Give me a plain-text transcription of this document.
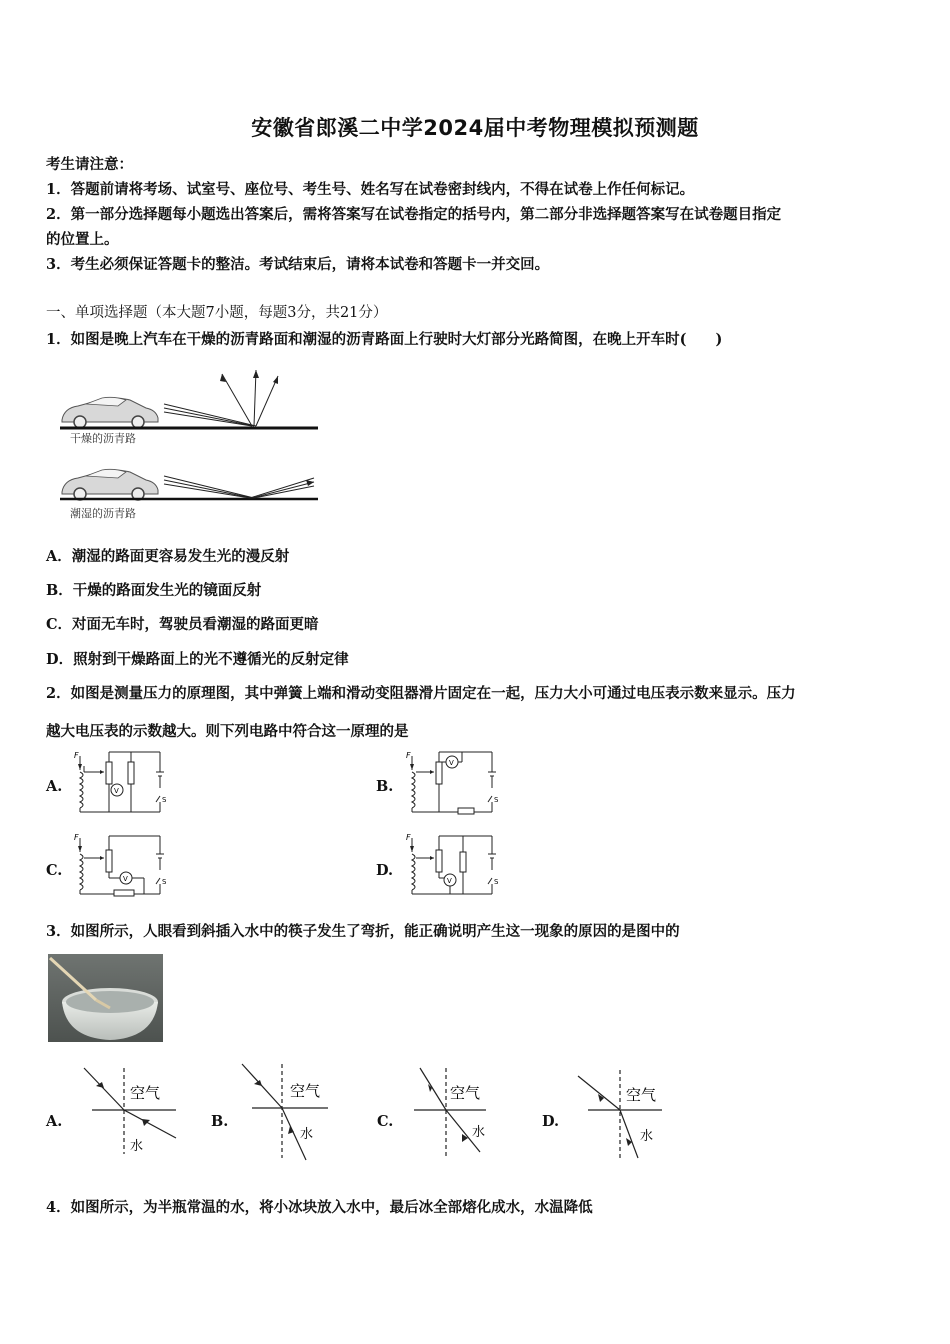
安徽省郎溪二中学2024届中考物理模拟预测题
考生请注意：
1．答题前请将考场、试室号、座位号、考生号、姓名写在试卷密封线内，不得在试卷上作任何标记。
2．第一部分选择题每小题选出答案后，需将答案写在试卷指定的括号内，第二部分非选择题答案写在试卷题目指定
的位置上。
3．考生必须保证答题卡的整洁。考试结束后，请将本试卷和答题卡一并交回。
一、单项选择题（本大题7小题，每题3分，共21分）
1．如图是晚上汽车在干燥的沥青路面和潮湿的沥青路面上行驶时大灯部分光路简图，在晚上开车时(　　)
干燥的沥青路
潮湿的沥青路
A．潮湿的路面更容易发生光的漫反射
B．干燥的路面发生光的镜面反射
C．对面无车时，驾驶员看潮湿的路面更暗
D．照射到干燥路面上的光不遵循光的反射定律
2．如图是测量压力的原理图，其中弹簧上端和滑动变阻器滑片固定在一起，压力大小可通过电压表示数来显示。压力
越大电压表的示数越大。则下列电路中符合这一原理的是
A.	B.
C.	D.
F
V
S
F
V
S
F
V	S
F
V	S
3．如图所示，人眼看到斜插入水中的筷子发生了弯折，能正确说明产生这一现象的原因的是图中的
A.	B.	C.	D.
空气
水
空气
水
空气
水
空气
水
4．如图所示，为半瓶常温的水，将小冰块放入水中，最后冰全部熔化成水，水温降低
